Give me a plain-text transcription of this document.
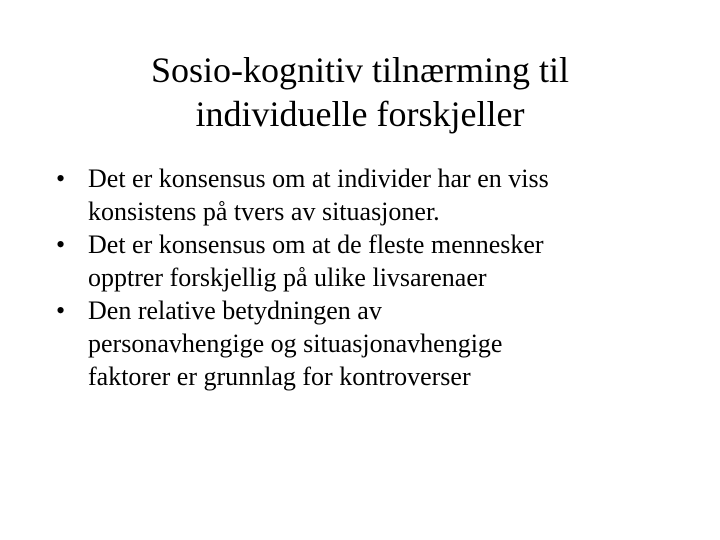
Sosio-kognitiv tilnærming til
individuelle forskjeller
• Det er konsensus om at individer har en viss
konsistens på tvers av situasjoner.
• Det er konsensus om at de fleste mennesker
opptrer forskjellig på ulike livsarenaer
• Den relative betydningen av
personavhengige og situasjonavhengige
faktorer er grunnlag for kontroverser
